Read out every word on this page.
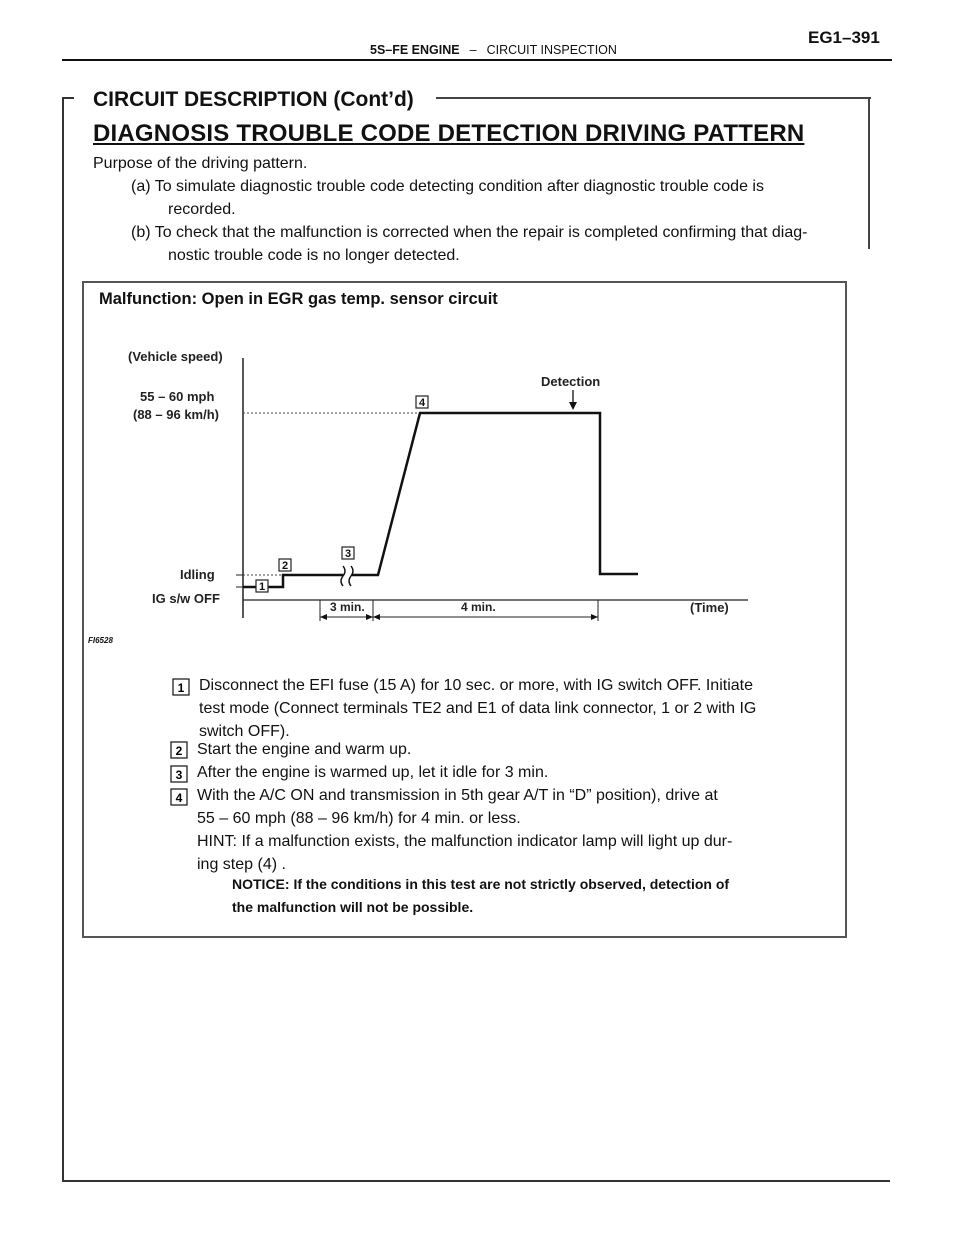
5S–FE ENGINE – CIRCUIT INSPECTION
EG1–391
CIRCUIT DESCRIPTION (Cont’d)
DIAGNOSIS TROUBLE CODE DETECTION DRIVING PATTERN
Purpose of the driving pattern.
(a) To simulate diagnostic trouble code detecting condition after diagnostic trouble code is
recorded.
(b) To check that the malfunction is corrected when the repair is completed confirming that diag-
nostic trouble code is no longer detected.
Malfunction: Open in EGR gas temp. sensor circuit
(Vehicle speed)
55 – 60 mph
(88 – 96 km/h)
Idling
IG s/w OFF
Detection
(Time)
3 min.	4 min.
1
2
3
4
FI6528
1 Disconnect the EFI fuse (15 A) for 10 sec. or more, with IG switch OFF. Initiate
test mode (Connect terminals TE2 and E1 of data link connector, 1 or 2 with IG
switch OFF).
2 Start the engine and warm up.
3 After the engine is warmed up, let it idle for 3 min.
4 With the A/C ON and transmission in 5th gear A/T in “D” position), drive at
55 – 60 mph (88 – 96 km/h) for 4 min. or less.
HINT: If a malfunction exists, the malfunction indicator lamp will light up dur-
ing step (4) .
NOTICE: If the conditions in this test are not strictly observed, detection of
the malfunction will not be possible.
